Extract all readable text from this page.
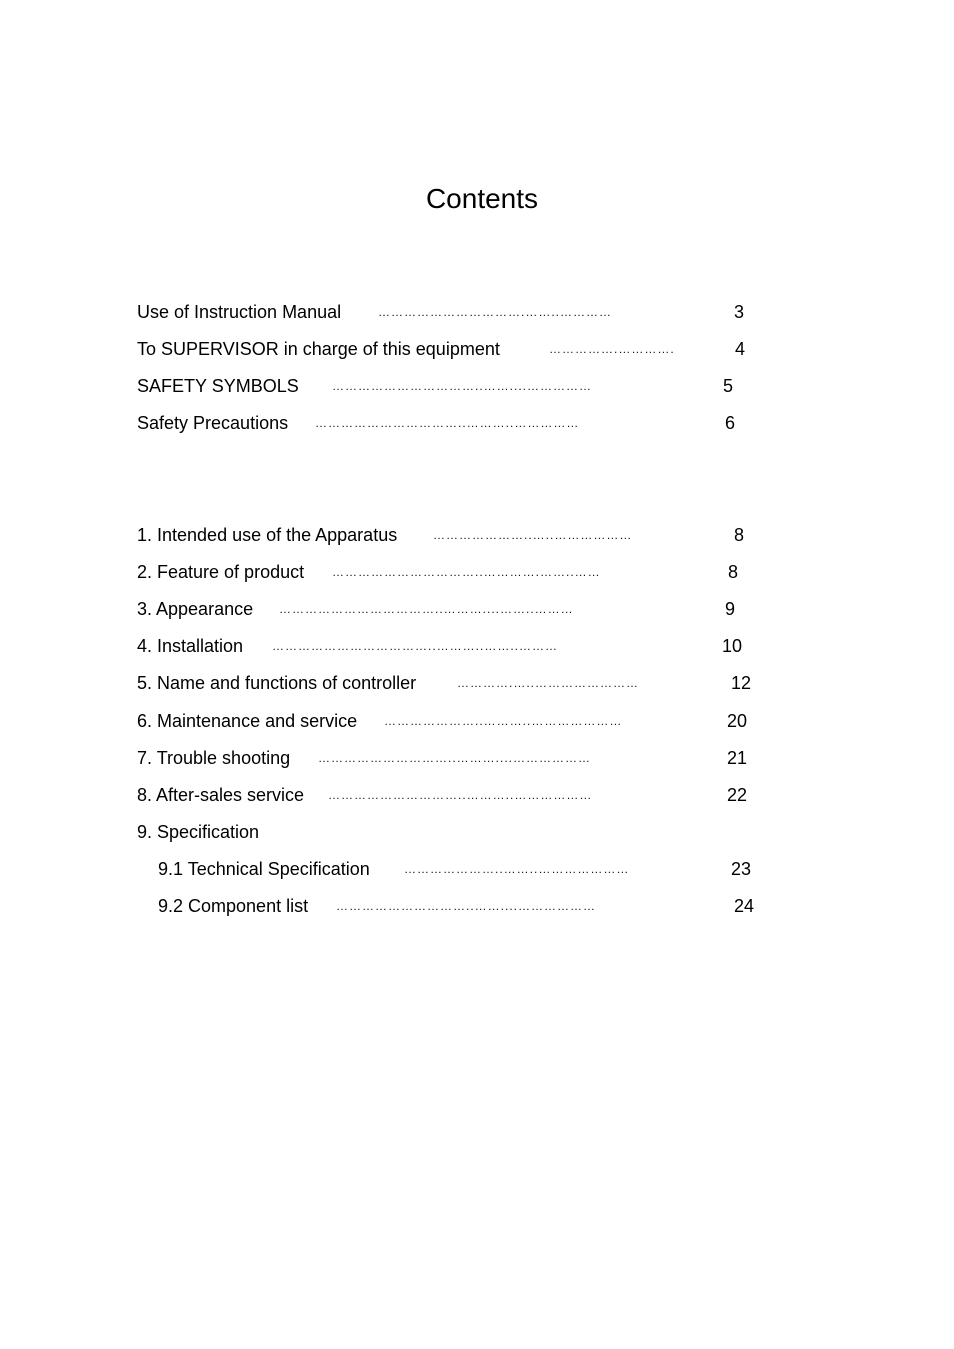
Contents
Use of Instruction Manual	…………………………….……..…………	3
To SUPERVISOR in charge of this equipment	…………….………….	4
SAFETY SYMBOLS	……………………………..……....……………	5
Safety Precautions ……………………………..………..……………	6
1. Intended use of the Apparatus	…………………..…..………………	8
2. Feature of product ……………………………..………….……..……	8
3. Appearance ………………………………..………....……..………	9
4. Installation ………………………………..………..……..………	10
5. Name and functions of controller	………….…..……………………	12
6. Maintenance and service …………………..………..…………………	20
7. Trouble shooting …………………………..………....………………	21
8. After-sales service …………………………..………..………………	22
9. Specification
9.1 Technical Specification	…………………..……..…………………	23
9.2 Component list …………………………..……....………………	24
